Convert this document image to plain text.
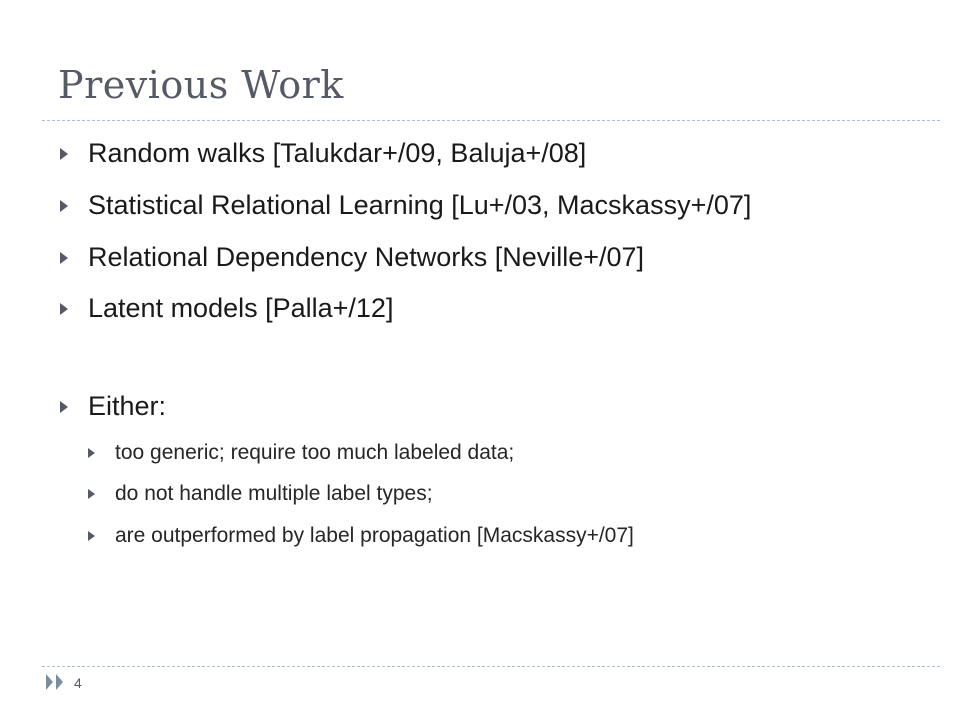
Previous Work
Random walks [Talukdar+/09, Baluja+/08]
Statistical Relational Learning [Lu+/03, Macskassy+/07]
Relational Dependency Networks [Neville+/07]
Latent models [Palla+/12]
Either:
too generic; require too much labeled data;
do not handle multiple label types;
are outperformed by label propagation [Macskassy+/07]
4
